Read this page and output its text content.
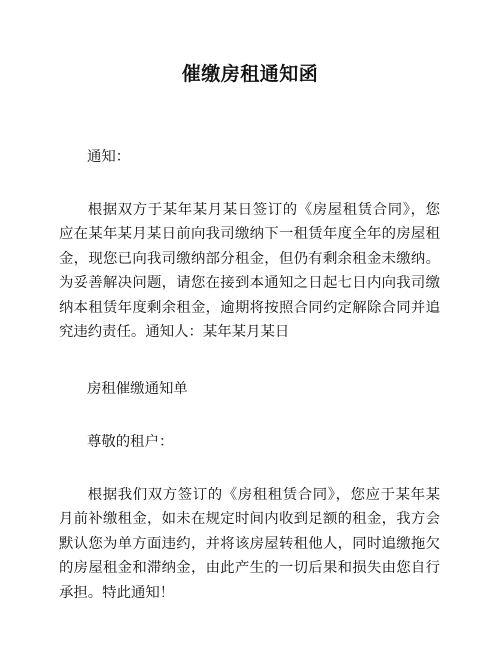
催缴房租通知函

通知：

根据双方于某年某月某日签订的《房屋租赁合同》，您应在某年某月某日前向我司缴纳下一租赁年度全年的房屋租金，现您已向我司缴纳部分租金，但仍有剩余租金未缴纳。为妥善解决问题，请您在接到本通知之日起七日内向我司缴纳本租赁年度剩余租金，逾期将按照合同约定解除合同并追究违约责任。通知人：某年某月某日

房租催缴通知单

尊敬的租户：

根据我们双方签订的《房租租赁合同》，您应于某年某月前补缴租金，如未在规定时间内收到足额的租金，我方会默认您为单方面违约，并将该房屋转租他人，同时追缴拖欠的房屋租金和滞纳金，由此产生的一切后果和损失由您自行承担。特此通知！
